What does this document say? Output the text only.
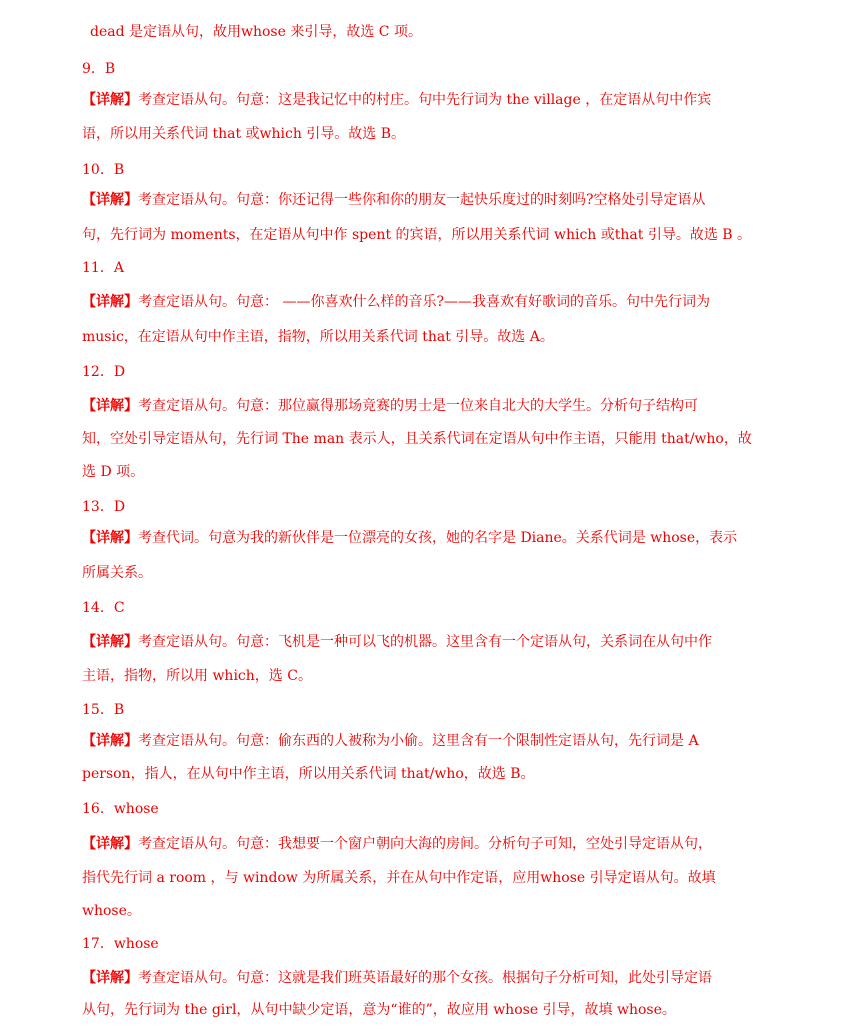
dead 是定语从句，故用whose 来引导，故选 C 项。
9．B
【详解】考查定语从句。句意：这是我记忆中的村庄。句中先行词为 the village ，在定语从句中作宾
语，所以用关系代词 that 或which 引导。故选 B。
10．B
【详解】考查定语从句。句意：你还记得一些你和你的朋友一起快乐度过的时刻吗?空格处引导定语从
句，先行词为 moments，在定语从句中作 spent 的宾语，所以用关系代词 which 或that 引导。故选 B 。
11．A
【详解】考查定语从句。句意： ——你喜欢什么样的音乐?——我喜欢有好歌词的音乐。句中先行词为
music，在定语从句中作主语，指物，所以用关系代词 that 引导。故选 A。
12．D
【详解】考查定语从句。句意：那位赢得那场竞赛的男士是一位来自北大的大学生。分析句子结构可
知，空处引导定语从句，先行词 The man 表示人，且关系代词在定语从句中作主语，只能用 that/who，故
选 D 项。
13．D
【详解】考查代词。句意为我的新伙伴是一位漂亮的女孩，她的名字是 Diane。关系代词是 whose，表示
所属关系。
14．C
【详解】考查定语从句。句意：飞机是一种可以飞的机器。这里含有一个定语从句，关系词在从句中作
主语，指物，所以用 which，选 C。
15．B
【详解】考查定语从句。句意：偷东西的人被称为小偷。这里含有一个限制性定语从句，先行词是 A
person，指人，在从句中作主语，所以用关系代词 that/who，故选 B。
16．whose
【详解】考查定语从句。句意：我想要一个窗户朝向大海的房间。分析句子可知，空处引导定语从句，
指代先行词 a room ，与 window 为所属关系，并在从句中作定语，应用whose 引导定语从句。故填
whose。
17．whose
【详解】考查定语从句。句意：这就是我们班英语最好的那个女孩。根据句子分析可知，此处引导定语
从句，先行词为 the girl，从句中缺少定语，意为“谁的”，故应用 whose 引导，故填 whose。
